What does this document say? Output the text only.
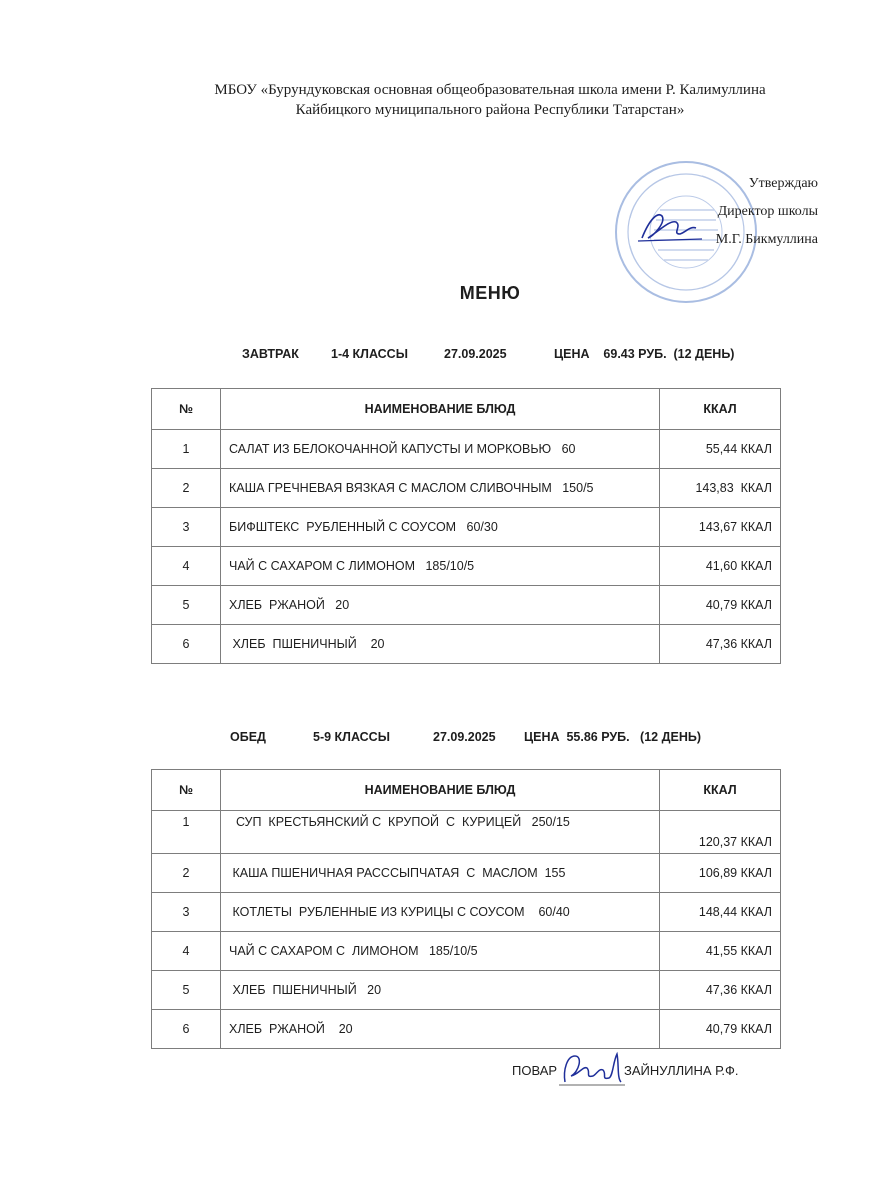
МБОУ «Бурундуковская основная общеобразовательная школа имени Р. Калимуллина
Кайбицкого муниципального района Республики Татарстан»
Утверждаю
Директор школы
М.Г. Бикмуллина
МЕНЮ

ЗАВТРАК

	1-4 КЛАССЫ

	27.09.2025

	ЦЕНА    69.43 РУБ.  (12 ДЕНЬ)

№	НАИМЕНОВАНИЕ БЛЮД	ККАЛ
1	САЛАТ ИЗ БЕЛОКОЧАННОЙ КАПУСТЫ И МОРКОВЬЮ   60	55,44 ККАЛ
2	КАША ГРЕЧНЕВАЯ ВЯЗКАЯ С МАСЛОМ СЛИВОЧНЫМ   150/5	143,83  ККАЛ
3	БИФШТЕКС  РУБЛЕННЫЙ С СОУСОМ   60/30	143,67 ККАЛ
4	ЧАЙ С САХАРОМ С ЛИМОНОМ   185/10/5	41,60 ККАЛ
5	ХЛЕБ  РЖАНОЙ   20	40,79 ККАЛ
6	ХЛЕБ  ПШЕНИЧНЫЙ    20	47,36 ККАЛ

ОБЕД

	5-9 КЛАССЫ

	27.09.2025

ЦЕНА  55.86 РУБ.   (12 ДЕНЬ)

№	НАИМЕНОВАНИЕ БЛЮД	ККАЛ
1	СУП  КРЕСТЬЯНСКИЙ С  КРУПОЙ  С  КУРИЦЕЙ   250/15	120,37 ККАЛ
2	КАША ПШЕНИЧНАЯ РАСССЫПЧАТАЯ  С  МАСЛОМ  155	106,89 ККАЛ
3	КОТЛЕТЫ  РУБЛЕННЫЕ ИЗ КУРИЦЫ С СОУСОМ    60/40	148,44 ККАЛ
4	ЧАЙ С САХАРОМ С  ЛИМОНОМ   185/10/5	41,55 ККАЛ
5	ХЛЕБ  ПШЕНИЧНЫЙ   20	47,36 ККАЛ
6	ХЛЕБ  РЖАНОЙ    20	40,79 ККАЛ
ПОВАР	ЗАЙНУЛЛИНА Р.Ф.
